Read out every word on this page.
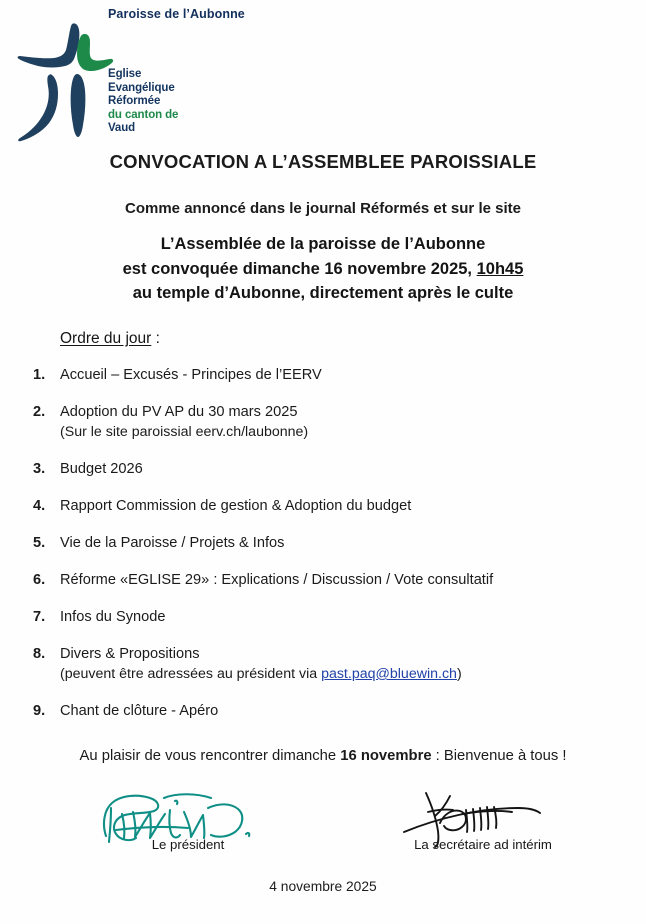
Paroisse de l’Aubonne
Eglise
Evangélique
Réformée
du canton de
Vaud
CONVOCATION A L’ASSEMBLEE PAROISSIALE
Comme annoncé dans le journal Réformés et sur le site
L’Assemblée de la paroisse de l’Aubonne
est convoquée dimanche 16 novembre 2025, 10h45
au temple d’Aubonne, directement après le culte
Ordre du jour :
1. Accueil – Excusés - Principes de l’EERV
2. Adoption du PV AP du 30 mars 2025
(Sur le site paroissial eerv.ch/laubonne)
3. Budget 2026
4. Rapport Commission de gestion & Adoption du budget
5. Vie de la Paroisse / Projets & Infos
6. Réforme «EGLISE 29» : Explications / Discussion / Vote consultatif
7. Infos du Synode
8. Divers & Propositions
(peuvent être adressées au président via past.paq@bluewin.ch)
9. Chant de clôture - Apéro
Au plaisir de vous rencontrer dimanche 16 novembre : Bienvenue à tous !
Le président	La secrétaire ad intérim
4 novembre 2025
